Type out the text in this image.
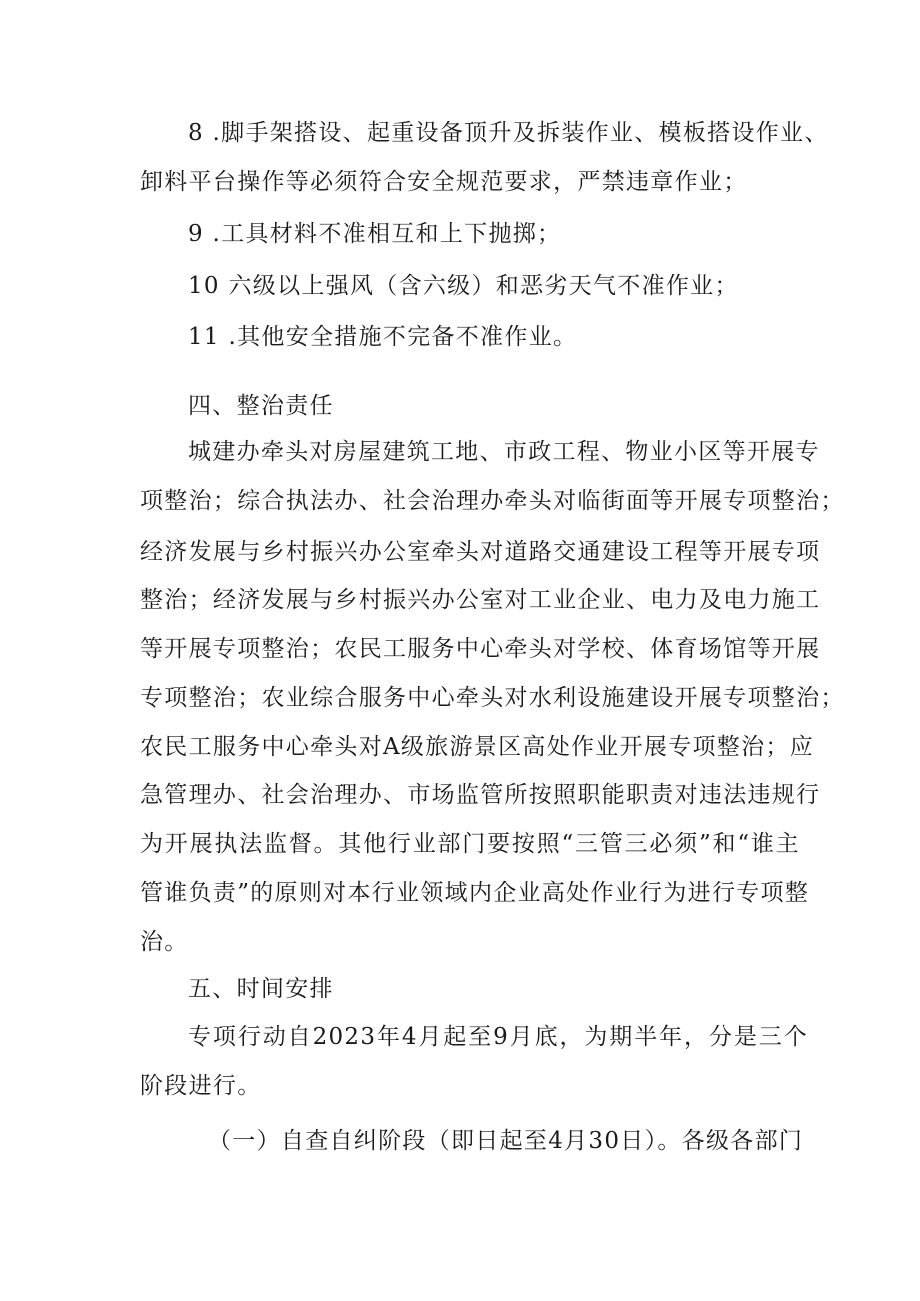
8 .脚手架搭设、起重设备顶升及拆装作业、模板搭设作业、
卸料平台操作等必须符合安全规范要求，严禁违章作业；
9 .工具材料不准相互和上下抛掷；
10 六级以上强风（含六级）和恶劣天气不准作业；
11 .其他安全措施不完备不准作业。
四、整治责任
城建办牵头对房屋建筑工地、市政工程、物业小区等开展专
项整治；综合执法办、社会治理办牵头对临街面等开展专项整治；
经济发展与乡村振兴办公室牵头对道路交通建设工程等开展专项
整治；经济发展与乡村振兴办公室对工业企业、电力及电力施工
等开展专项整治；农民工服务中心牵头对学校、体育场馆等开展
专项整治；农业综合服务中心牵头对水利设施建设开展专项整治；
农民工服务中心牵头对A级旅游景区高处作业开展专项整治；应
急管理办、社会治理办、市场监管所按照职能职责对违法违规行
为开展执法监督。其他行业部门要按照“三管三必须”和“谁主
管谁负责”的原则对本行业领域内企业高处作业行为进行专项整
治。
五、时间安排
专项行动自2023年4月起至9月底，为期半年，分是三个
阶段进行。
（一）自查自纠阶段（即日起至4月30日）。各级各部门
